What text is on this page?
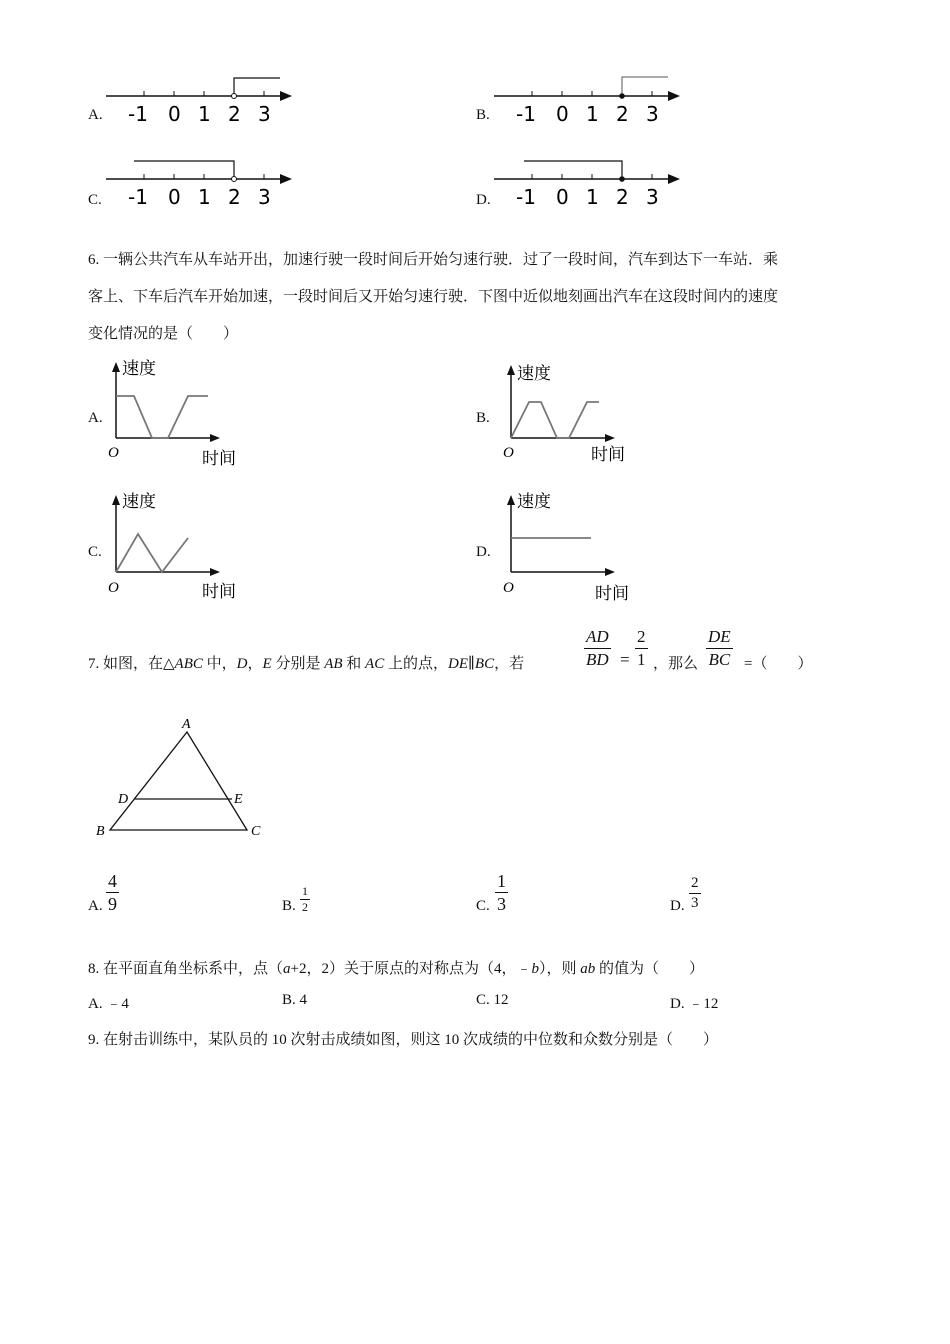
A. -1 0 1 2 3	B. -1 0 1 2 3
C. -1 0 1 2 3	D. -1 0 1 2 3
6. 一辆公共汽车从车站开出，加速行驶一段时间后开始匀速行驶．过了一段时间，汽车到达下一车站．乘
客上、下车后汽车开始加速，一段时间后又开始匀速行驶．下图中近似地刻画出汽车在这段时间内的速度
变化情况的是（　　）
A.
速度
时间
O
B.
速度
时间
O
C.
速度
时间
O
D.
速度
时间
O
7. 如图，在△ABC 中，D，E 分别是 AB 和 AC 上的点，DE∥BC，若	$\frac{AD}{BD} = \frac{2}{1}$ ，那么 $\frac{DE}{BC}$ =（　　）
A
B	C
D	E
A. $\frac{4}{9}$	B. $\frac{1}{2}$	C. $\frac{1}{3}$	D. $\frac{2}{3}$
8. 在平面直角坐标系中，点（a+2，2）关于原点的对称点为（4，﹣b），则 ab 的值为（　　）
A. ﹣4	B. 4	C. 12	D. ﹣12
9. 在射击训练中，某队员的 10 次射击成绩如图，则这 10 次成绩的中位数和众数分别是（　　）
